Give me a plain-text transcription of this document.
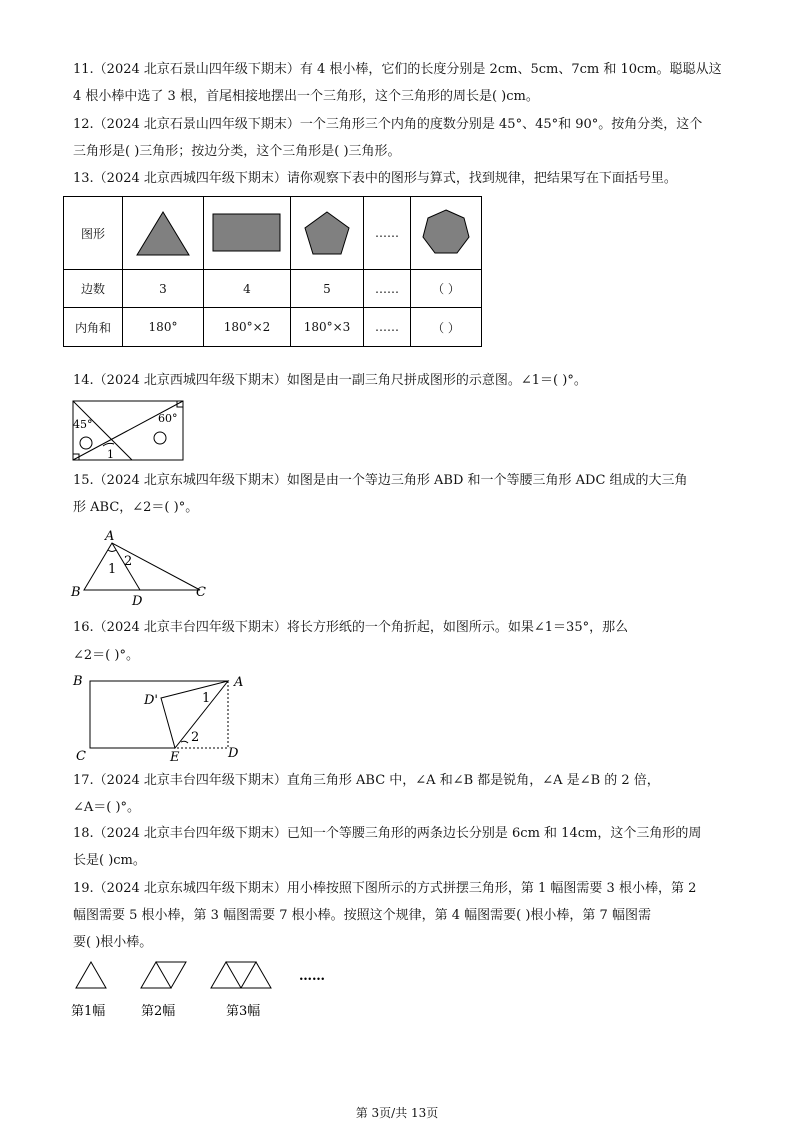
11.（2024 北京石景山四年级下期末）有 4 根小棒，它们的长度分别是 2cm、5cm、7cm 和 10cm。聪聪从这
4 根小棒中选了 3 根，首尾相接地摆出一个三角形，这个三角形的周长是( )cm。
12.（2024 北京石景山四年级下期末）一个三角形三个内角的度数分别是 45°、45°和 90°。按角分类，这个
三角形是( )三角形；按边分类，这个三角形是( )三角形。
13.（2024 北京西城四年级下期末）请你观察下表中的图形与算式，找到规律，把结果写在下面括号里。
图形				……	
边数	3	4	5	……	（ ）
内角和	180°	180°×2	180°×3	……	（ ）
14.（2024 北京西城四年级下期末）如图是由一副三角尺拼成图形的示意图。∠1＝( )°。
45°	60°
1
15.（2024 北京东城四年级下期末）如图是由一个等边三角形 ABD 和一个等腰三角形 ADC 组成的大三角
形 ABC，∠2＝( )°。
A
B	C
D
1
2
16.（2024 北京丰台四年级下期末）将长方形纸的一个角折起，如图所示。如果∠1＝35°，那么
∠2＝( )°。
B	A
D'	1
2
C	E	D
17.（2024 北京丰台四年级下期末）直角三角形 ABC 中，∠A 和∠B 都是锐角，∠A 是∠B 的 2 倍，
∠A＝( )°。
18.（2024 北京丰台四年级下期末）已知一个等腰三角形的两条边长分别是 6cm 和 14cm，这个三角形的周
长是( )cm。
19.（2024 北京东城四年级下期末）用小棒按照下图所示的方式拼摆三角形，第 1 幅图需要 3 根小棒，第 2
幅图需要 5 根小棒，第 3 幅图需要 7 根小棒。按照这个规律，第 4 幅图需要( )根小棒，第 7 幅图需
要( )根小棒。
……
第1幅	第2幅	第3幅
第 3页/共 13页
